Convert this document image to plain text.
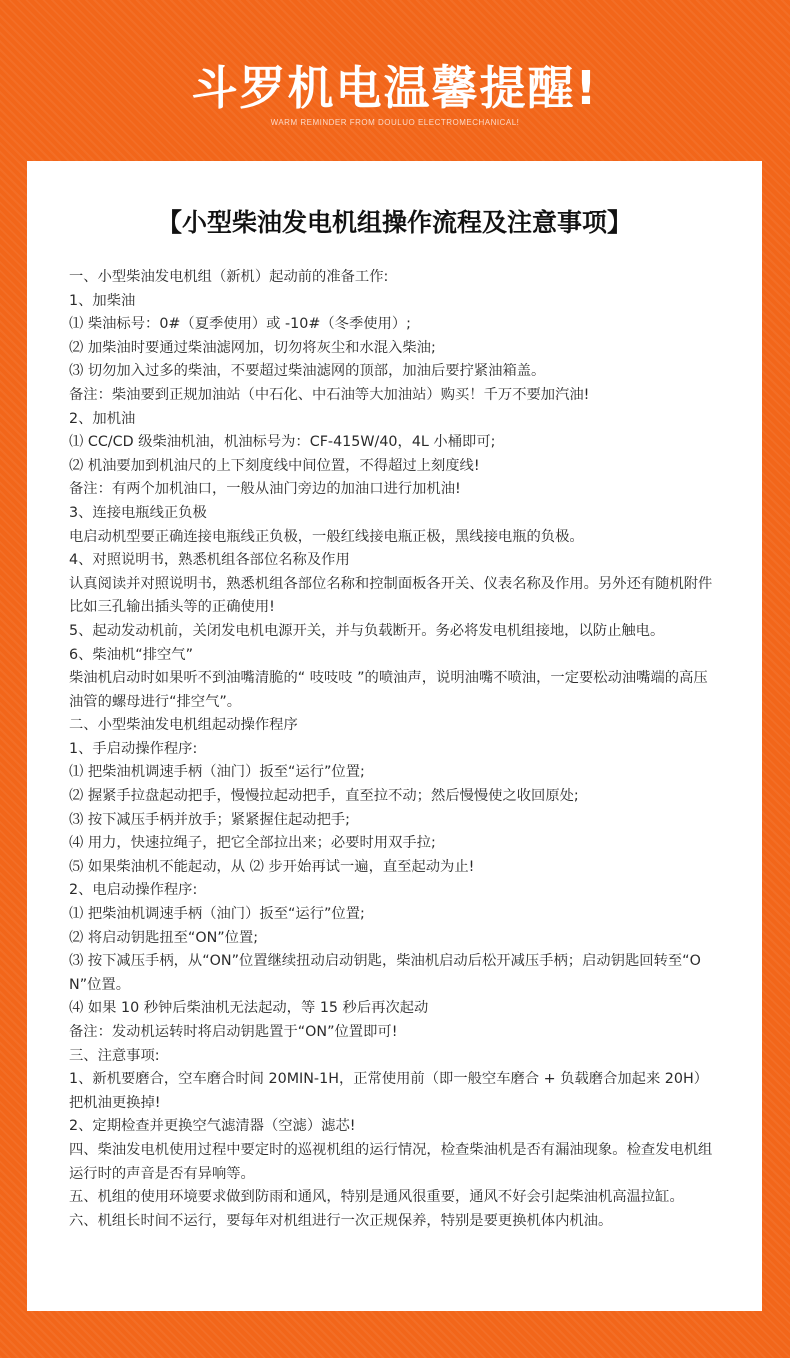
斗罗机电温馨提醒!
WARM REMINDER FROM DOULUO ELECTROMECHANICAL!
【小型柴油发电机组操作流程及注意事项】
一、小型柴油发电机组（新机）起动前的准备工作:
1、加柴油
⑴ 柴油标号：0#（夏季使用）或 -10#（冬季使用）;
⑵ 加柴油时要通过柴油滤网加，切勿将灰尘和水混入柴油;
⑶ 切勿加入过多的柴油，不要超过柴油滤网的顶部，加油后要拧紧油箱盖。
备注：柴油要到正规加油站（中石化、中石油等大加油站）购买！千万不要加汽油!
2、加机油
⑴ CC/CD 级柴油机油，机油标号为：CF-415W/40，4L 小桶即可;
⑵ 机油要加到机油尺的上下刻度线中间位置，不得超过上刻度线!
备注：有两个加机油口，一般从油门旁边的加油口进行加机油!
3、连接电瓶线正负极
电启动机型要正确连接电瓶线正负极，一般红线接电瓶正极，黑线接电瓶的负极。
4、对照说明书，熟悉机组各部位名称及作用
认真阅读并对照说明书，熟悉机组各部位名称和控制面板各开关、仪表名称及作用。另外还有随机附件比如三孔输出插头等的正确使用!
5、起动发动机前，关闭发电机电源开关，并与负载断开。务必将发电机组接地，以防止触电。
6、柴油机“排空气”
柴油机启动时如果听不到油嘴清脆的“ 吱吱吱 ”的喷油声，说明油嘴不喷油，一定要松动油嘴端的高压油管的螺母进行“排空气”。
二、小型柴油发电机组起动操作程序
1、手启动操作程序:
⑴ 把柴油机调速手柄（油门）扳至“运行”位置;
⑵ 握紧手拉盘起动把手，慢慢拉起动把手，直至拉不动；然后慢慢使之收回原处;
⑶ 按下减压手柄并放手；紧紧握住起动把手;
⑷ 用力，快速拉绳子，把它全部拉出来；必要时用双手拉;
⑸ 如果柴油机不能起动，从 ⑵ 步开始再试一遍，直至起动为止!
2、电启动操作程序:
⑴ 把柴油机调速手柄（油门）扳至“运行”位置;
⑵ 将启动钥匙扭至“ON”位置;
⑶ 按下减压手柄，从“ON”位置继续扭动启动钥匙，柴油机启动后松开减压手柄；启动钥匙回转至“ON”位置。
⑷ 如果 10 秒钟后柴油机无法起动，等 15 秒后再次起动
备注：发动机运转时将启动钥匙置于“ON”位置即可!
三、注意事项:
1、新机要磨合，空车磨合时间 20MIN-1H，正常使用前（即一般空车磨合 + 负载磨合加起来 20H）把机油更换掉!
2、定期检查并更换空气滤清器（空滤）滤芯!
四、柴油发电机使用过程中要定时的巡视机组的运行情况，检查柴油机是否有漏油现象。检查发电机组运行时的声音是否有异响等。
五、机组的使用环境要求做到防雨和通风，特别是通风很重要，通风不好会引起柴油机高温拉缸。
六、机组长时间不运行，要每年对机组进行一次正规保养，特别是要更换机体内机油。
